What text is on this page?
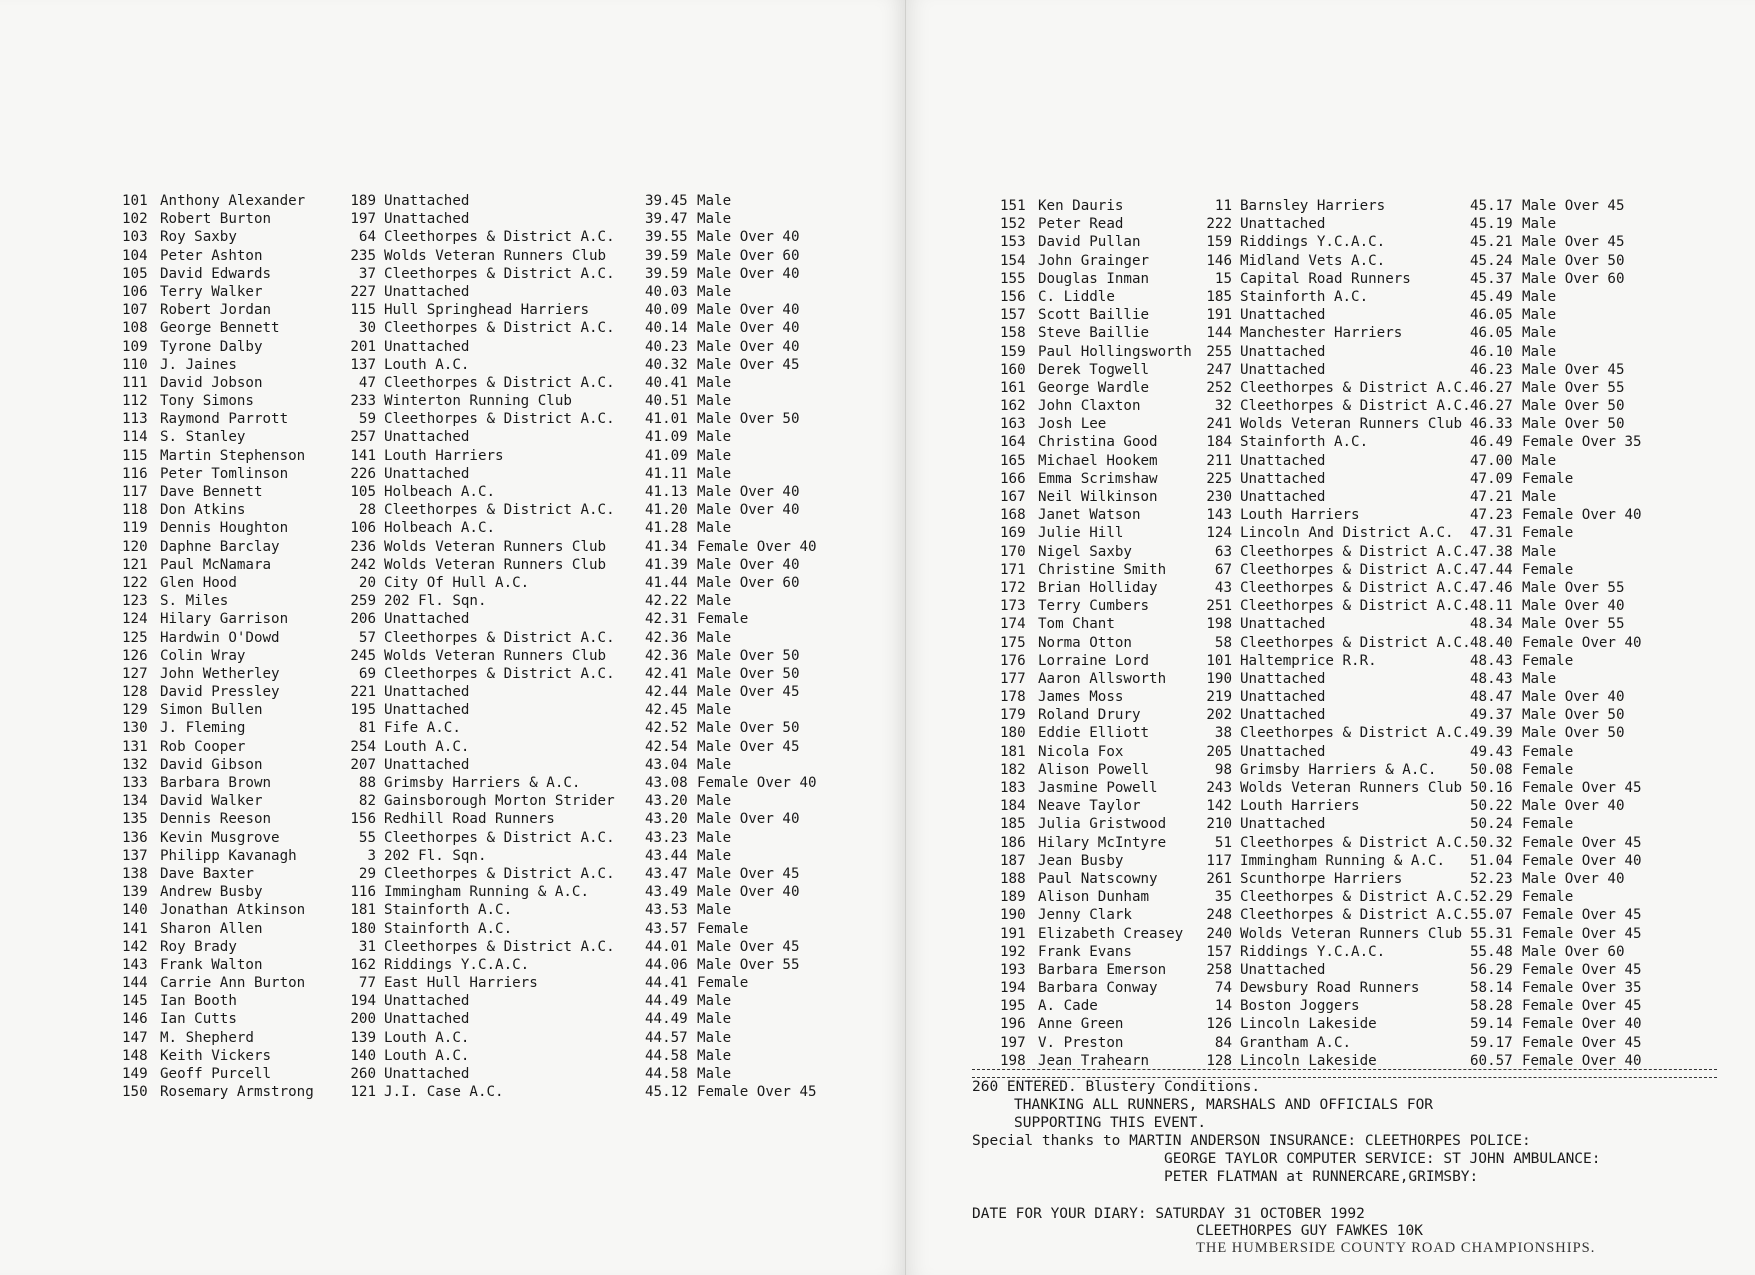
101 Anthony Alexander	189 Unattached	39.45 Male
102 Robert Burton	197 Unattached	39.47 Male
103 Roy Saxby	64 Cleethorpes & District A.C. 39.55 Male Over 40
104 Peter Ashton	235 Wolds Veteran Runners Club	39.59 Male Over 60
105 David Edwards	37 Cleethorpes & District A.C. 39.59 Male Over 40
106 Terry Walker	227 Unattached	40.03 Male
107 Robert Jordan	115 Hull Springhead Harriers	40.09 Male Over 40
108 George Bennett	30 Cleethorpes & District A.C. 40.14 Male Over 40
109 Tyrone Dalby	201 Unattached	40.23 Male Over 40
110 J. Jaines	137 Louth A.C.	40.32 Male Over 45
111 David Jobson	47 Cleethorpes & District A.C. 40.41 Male
112 Tony Simons	233 Winterton Running Club	40.51 Male
113 Raymond Parrott	59 Cleethorpes & District A.C. 41.01 Male Over 50
114 S. Stanley	257 Unattached	41.09 Male
115 Martin Stephenson	141 Louth Harriers	41.09 Male
116 Peter Tomlinson	226 Unattached	41.11 Male
117 Dave Bennett	105 Holbeach A.C.	41.13 Male Over 40
118 Don Atkins	28 Cleethorpes & District A.C. 41.20 Male Over 40
119 Dennis Houghton	106 Holbeach A.C.	41.28 Male
120 Daphne Barclay	236 Wolds Veteran Runners Club	41.34 Female Over 40
121 Paul McNamara	242 Wolds Veteran Runners Club	41.39 Male Over 40
122 Glen Hood	20 City Of Hull A.C.	41.44 Male Over 60
123 S. Miles	259 202 Fl. Sqn.	42.22 Male
124 Hilary Garrison	206 Unattached	42.31 Female
125 Hardwin O'Dowd	57 Cleethorpes & District A.C. 42.36 Male
126 Colin Wray	245 Wolds Veteran Runners Club	42.36 Male Over 50
127 John Wetherley	69 Cleethorpes & District A.C. 42.41 Male Over 50
128 David Pressley	221 Unattached	42.44 Male Over 45
129 Simon Bullen	195 Unattached	42.45 Male
130 J. Fleming	81 Fife A.C.	42.52 Male Over 50
131 Rob Cooper	254 Louth A.C.	42.54 Male Over 45
132 David Gibson	207 Unattached	43.04 Male
133 Barbara Brown	88 Grimsby Harriers & A.C.	43.08 Female Over 40
134 David Walker	82 Gainsborough Morton Strider 43.20 Male
135 Dennis Reeson	156 Redhill Road Runners	43.20 Male Over 40
136 Kevin Musgrove	55 Cleethorpes & District A.C. 43.23 Male
137 Philipp Kavanagh	3 202 Fl. Sqn.	43.44 Male
138 Dave Baxter	29 Cleethorpes & District A.C. 43.47 Male Over 45
139 Andrew Busby	116 Immingham Running & A.C.	43.49 Male Over 40
140 Jonathan Atkinson	181 Stainforth A.C.	43.53 Male
141 Sharon Allen	180 Stainforth A.C.	43.57 Female
142 Roy Brady	31 Cleethorpes & District A.C. 44.01 Male Over 45
143 Frank Walton	162 Riddings Y.C.A.C.	44.06 Male Over 55
144 Carrie Ann Burton	77 East Hull Harriers	44.41 Female
145 Ian Booth	194 Unattached	44.49 Male
146 Ian Cutts	200 Unattached	44.49 Male
147 M. Shepherd	139 Louth A.C.	44.57 Male
148 Keith Vickers	140 Louth A.C.	44.58 Male
149 Geoff Purcell	260 Unattached	44.58 Male
150 Rosemary Armstrong	121 J.I. Case A.C.	45.12 Female Over 45
151 Ken Dauris	11 Barnsley Harriers	45.17 Male Over 45
152 Peter Read	222 Unattached	45.19 Male
153 David Pullan	159 Riddings Y.C.A.C.	45.21 Male Over 45
154 John Grainger	146 Midland Vets A.C.	45.24 Male Over 50
155 Douglas Inman	15 Capital Road Runners	45.37 Male Over 60
156 C. Liddle	185 Stainforth A.C.	45.49 Male
157 Scott Baillie	191 Unattached	46.05 Male
158 Steve Baillie	144 Manchester Harriers	46.05 Male
159 Paul Hollingsworth	255 Unattached	46.10 Male
160 Derek Togwell	247 Unattached	46.23 Male Over 45
161 George Wardle	252 Cleethorpes & District A.C. 46.27 Male Over 55
162 John Claxton	32 Cleethorpes & District A.C. 46.27 Male Over 50
163 Josh Lee	241 Wolds Veteran Runners Club 46.33 Male Over 50
164 Christina Good	184 Stainforth A.C.	46.49 Female Over 35
165 Michael Hookem	211 Unattached	47.00 Male
166 Emma Scrimshaw	225 Unattached	47.09 Female
167 Neil Wilkinson	230 Unattached	47.21 Male
168 Janet Watson	143 Louth Harriers	47.23 Female Over 40
169 Julie Hill	124 Lincoln And District A.C. 47.31 Female
170 Nigel Saxby	63 Cleethorpes & District A.C. 47.38 Male
171 Christine Smith	67 Cleethorpes & District A.C. 47.44 Female
172 Brian Holliday	43 Cleethorpes & District A.C. 47.46 Male Over 55
173 Terry Cumbers	251 Cleethorpes & District A.C. 48.11 Male Over 40
174 Tom Chant	198 Unattached	48.34 Male Over 55
175 Norma Otton	58 Cleethorpes & District A.C. 48.40 Female Over 40
176 Lorraine Lord	101 Haltemprice R.R.	48.43 Female
177 Aaron Allsworth	190 Unattached	48.43 Male
178 James Moss	219 Unattached	48.47 Male Over 40
179 Roland Drury	202 Unattached	49.37 Male Over 50
180 Eddie Elliott	38 Cleethorpes & District A.C. 49.39 Male Over 50
181 Nicola Fox	205 Unattached	49.43 Female
182 Alison Powell	98 Grimsby Harriers & A.C. 50.08 Female
183 Jasmine Powell	243 Wolds Veteran Runners Club 50.16 Female Over 45
184 Neave Taylor	142 Louth Harriers	50.22 Male Over 40
185 Julia Gristwood	210 Unattached	50.24 Female
186 Hilary McIntyre	51 Cleethorpes & District A.C. 50.32 Female Over 45
187 Jean Busby	117 Immingham Running & A.C. 51.04 Female Over 40
188 Paul Natscowny	261 Scunthorpe Harriers	52.23 Male Over 40
189 Alison Dunham	35 Cleethorpes & District A.C. 52.29 Female
190 Jenny Clark	248 Cleethorpes & District A.C. 55.07 Female Over 45
191 Elizabeth Creasey	240 Wolds Veteran Runners Club 55.31 Female Over 45
192 Frank Evans	157 Riddings Y.C.A.C.	55.48 Male Over 60
193 Barbara Emerson	258 Unattached	56.29 Female Over 45
194 Barbara Conway	74 Dewsbury Road Runners	58.14 Female Over 35
195 A. Cade	14 Boston Joggers	58.28 Female Over 45
196 Anne Green	126 Lincoln Lakeside	59.14 Female Over 40
197 V. Preston	84 Grantham A.C.	59.17 Female Over 45
198 Jean Trahearn	128 Lincoln Lakeside	60.57 Female Over 40
260 ENTERED. Blustery Conditions.
THANKING ALL RUNNERS, MARSHALS AND OFFICIALS FOR
SUPPORTING THIS EVENT.
Special thanks to MARTIN ANDERSON INSURANCE: CLEETHORPES POLICE:
GEORGE TAYLOR COMPUTER SERVICE: ST JOHN AMBULANCE:
PETER FLATMAN at RUNNERCARE,GRIMSBY:
DATE FOR YOUR DIARY: SATURDAY 31 OCTOBER 1992
CLEETHORPES GUY FAWKES 10K
THE HUMBERSIDE COUNTY ROAD CHAMPIONSHIPS.
